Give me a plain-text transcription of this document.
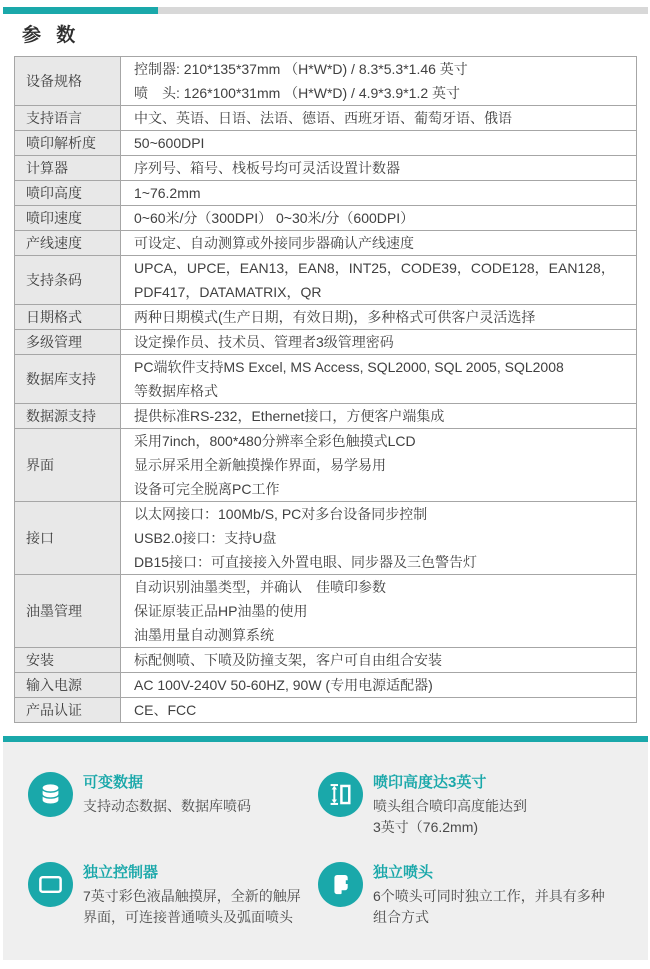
参 数
设备规格	控制器: 210*135*37mm （H*W*D) / 8.3*5.3*1.46 英寸
喷　头: 126*100*31mm （H*W*D) / 4.9*3.9*1.2 英寸

支持语言	中文、英语、日语、法语、德语、西班牙语、葡萄牙语、俄语

喷印解析度	50~600DPI

计算器	序列号、箱号、栈板号均可灵活设置计数器

喷印高度	1~76.2mm

喷印速度	0~60米/分（300DPI） 0~30米/分（600DPI）

产线速度	可设定、自动测算或外接同步器确认产线速度

支持条码	UPCA，UPCE，EAN13，EAN8，INT25，CODE39，CODE128，EAN128，
PDF417，DATAMATRIX，QR

日期格式	两种日期模式(生产日期，有效日期)，多种格式可供客户灵活选择

多级管理	设定操作员、技术员、管理者3级管理密码

数据库支持	PC端软件支持MS Excel, MS Access, SQL2000, SQL 2005, SQL2008
等数据库格式

数据源支持	提供标准RS-232，Ethernet接口，方便客户端集成

界面	采用7inch，800*480分辨率全彩色触摸式LCD
显示屏采用全新触摸操作界面，易学易用
设备可完全脱离PC工作

接口	以太网接口：100Mb/S, PC对多台设备同步控制
USB2.0接口：支持U盘
DB15接口：可直接接入外置电眼、同步器及三色警告灯

油墨管理	自动识别油墨类型，并确认　佳喷印参数
保证原装正品HP油墨的使用
油墨用量自动测算系统

安装	标配侧喷、下喷及防撞支架，客户可自由组合安装

输入电源	AC 100V-240V 50-60HZ, 90W (专用电源适配器)

产品认证	CE、FCC
可变数据
支持动态数据、数据库喷码
喷印高度达3英寸
喷头组合喷印高度能达到
3英寸（76.2mm)
独立控制器
7英寸彩色液晶触摸屏，全新的触屏
界面，可连接普通喷头及弧面喷头
独立喷头
6个喷头可同时独立工作，并具有多种
组合方式
